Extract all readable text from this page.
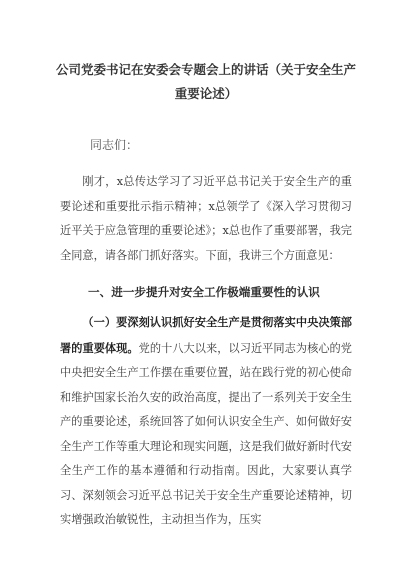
公司党委书记在安委会专题会上的讲话（关于安全生产重要论述）
同志们：
刚才，x总传达学习了习近平总书记关于安全生产的重要论述和重要批示指示精神；x总领学了《深入学习贯彻习近平关于应急管理的重要论述》；x总也作了重要部署，我完全同意，请各部门抓好落实。下面，我讲三个方面意见：
一、进一步提升对安全工作极端重要性的认识
（一）要深刻认识抓好安全生产是贯彻落实中央决策部署的重要体现。党的十八大以来，以习近平同志为核心的党中央把安全生产工作摆在重要位置，站在践行党的初心使命和维护国家长治久安的政治高度，提出了一系列关于安全生产的重要论述，系统回答了如何认识安全生产、如何做好安全生产工作等重大理论和现实问题，这是我们做好新时代安全生产工作的基本遵循和行动指南。因此，大家要认真学习、深刻领会习近平总书记关于安全生产重要论述精神，切实增强政治敏锐性，主动担当作为，压实
